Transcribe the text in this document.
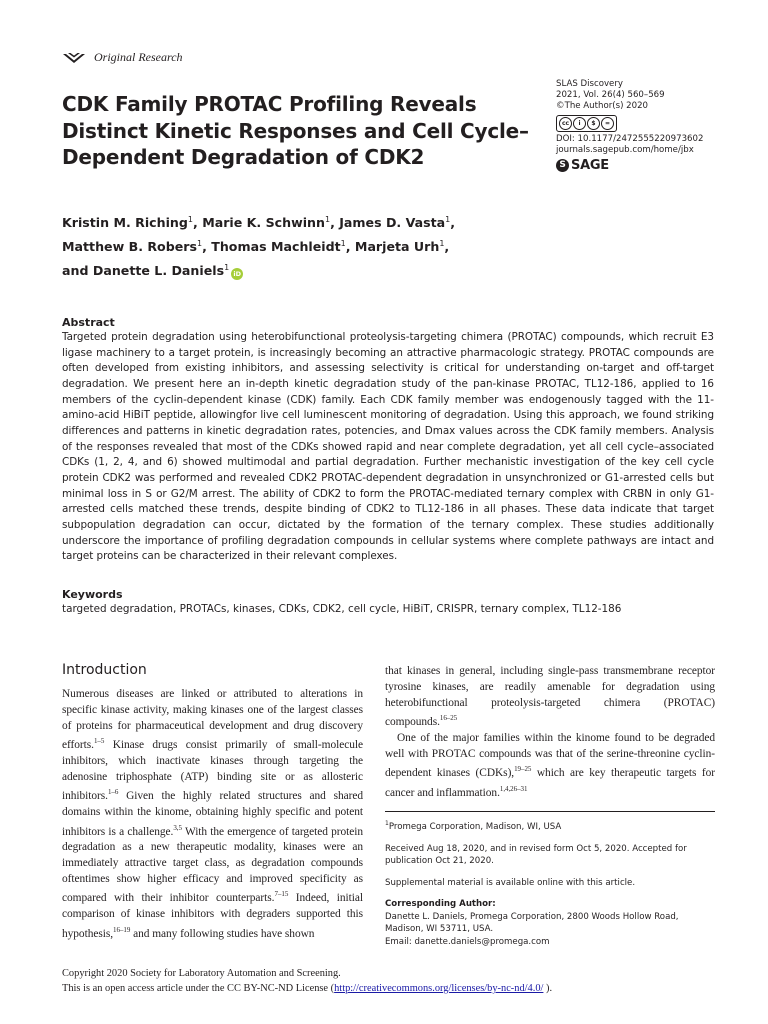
Original Research
CDK Family PROTAC Profiling Reveals Distinct Kinetic Responses and Cell Cycle–Dependent Degradation of CDK2
SLAS Discovery
2021, Vol. 26(4) 560–569
©The Author(s) 2020
cc	i	$	=
DOI: 10.1177/2472555220973602
journals.sagepub.com/home/jbx
S SAGE
Kristin M. Riching$^1$, Marie K. Schwinn$^1$, James D. Vasta$^1$,
Matthew B. Robers$^1$, Thomas Machleidt$^1$, Marjeta Urh$^1$,
and Danette L. Daniels$^1$iD

Abstract

Targeted protein degradation using heterobifunctional proteolysis-targeting chimera (PROTAC) compounds, which recruit E3 ligase machinery to a target protein, is increasingly becoming an attractive pharmacologic strategy. PROTAC compounds are often developed from existing inhibitors, and assessing selectivity is critical for understanding on-target and off-target degradation. We present here an in-depth kinetic degradation study of the pan-kinase PROTAC, TL12-186, applied to 16 members of the cyclin-dependent kinase (CDK) family. Each CDK family member was endogenously tagged with the 11-amino-acid HiBiT peptide, allowingfor live cell luminescent monitoring of degradation. Using this approach, we found striking differences and patterns in kinetic degradation rates, potencies, and Dmax values across the CDK family members. Analysis of the responses revealed that most of the CDKs showed rapid and near complete degradation, yet all cell cycle–associated CDKs (1, 2, 4, and 6) showed multimodal and partial degradation. Further mechanistic investigation of the key cell cycle protein CDK2 was performed and revealed CDK2 PROTAC-dependent degradation in unsynchronized or G1-arrested cells but minimal loss in S or G2/M arrest. The ability of CDK2 to form the PROTAC-mediated ternary complex with CRBN in only G1-arrested cells matched these trends, despite binding of CDK2 to TL12-186 in all phases. These data indicate that target subpopulation degradation can occur, dictated by the formation of the ternary complex. These studies additionally underscore the importance of profiling degradation compounds in cellular systems where complete pathways are intact and target proteins can be characterized in their relevant complexes.

Keywords

targeted degradation, PROTACs, kinases, CDKs, CDK2, cell cycle, HiBiT, CRISPR, ternary complex, TL12-186

Introduction

Numerous diseases are linked or attributed to alterations in specific kinase activity, making kinases one of the largest classes of proteins for pharmaceutical development and drug discovery efforts.$^{1-5}$ Kinase drugs consist primarily of small-molecule inhibitors, which inactivate kinases through targeting the adenosine triphosphate (ATP) binding site or as allosteric inhibitors.$^{1-6}$ Given the highly related structures and shared domains within the kinome, obtaining highly specific and potent inhibitors is a challenge.$^{3,5}$ With the emergence of targeted protein degradation as a new therapeutic modality, kinases were an immediately attractive target class, as degradation compounds oftentimes show higher efficacy and improved specificity as compared with their inhibitor counterparts.$^{7-15}$ Indeed, initial comparison of kinase inhibitors with degraders supported this hypothesis,$^{16-19}$ and many following studies have shown

that kinases in general, including single-pass transmembrane receptor tyrosine kinases, are readily amenable for degradation using heterobifunctional proteolysis-targeted chimera (PROTAC) compounds.$^{16-25}$

One of the major families within the kinome found to be degraded well with PROTAC compounds was that of the serine-threonine cyclin-dependent kinases (CDKs),$^{19-25}$ which are key therapeutic targets for cancer and inflammation.$^{1,4,26-31}$

$^1$Promega Corporation, Madison, WI, USA

Received Aug 18, 2020, and in revised form Oct 5, 2020. Accepted for publication Oct 21, 2020.

Supplemental material is available online with this article.

Corresponding Author:

Danette L. Daniels, Promega Corporation, 2800 Woods Hollow Road,

Madison, WI 53711, USA.

Email: danette.daniels@promega.com

Copyright 2020 Society for Laboratory Automation and Screening.
This is an open access article under the CC BY-NC-ND License (http://creativecommons.org/licenses/by-nc-nd/4.0/ ).
